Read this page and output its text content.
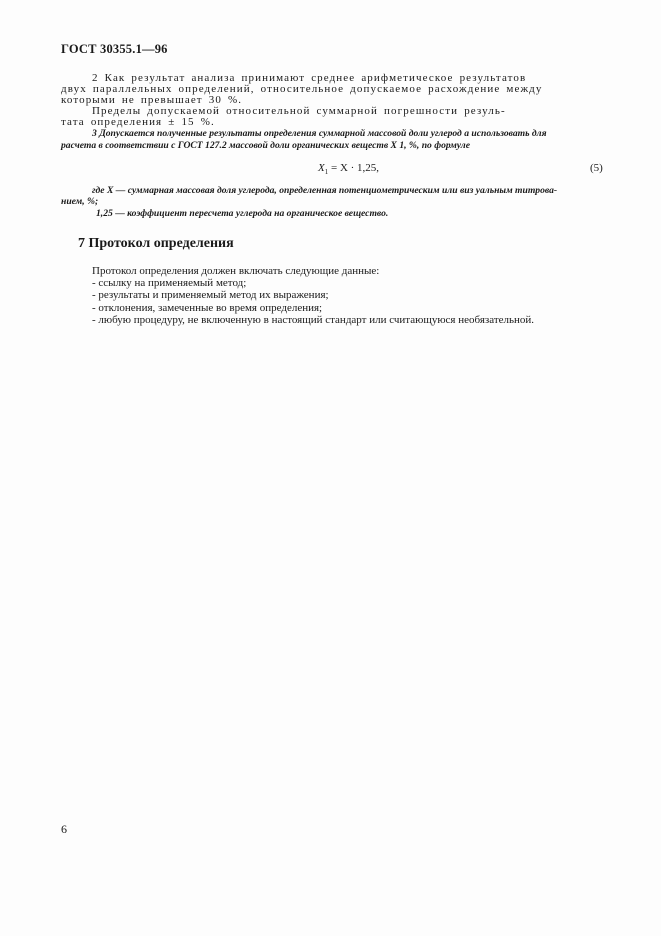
ГОСТ 30355.1—96
2 Как результат анализа принимают среднее арифметическое результатов
двух параллельных определений, относительное допускаемое расхождение между
которыми не превышает 30 %.
Пределы допускаемой относительной суммарной погрешности резуль-
тата определения ± 15 %.
3 Допускается полученные результаты определения суммарной массовой доли углерод а использовать для
расчета в соответствии с ГОСТ 127.2 массовой доли органических веществ X 1, %, по формуле
$X_1 = X \cdot 1,25$,	(5)
где X — суммарная массовая доля углерода, определенная потенциометрическим или виз уальным титрова-
нием, %;
1,25 — коэффициент пересчета углерода на органическое вещество.
7 Протокол определения
Протокол определения должен включать следующие данные:
- ссылку на применяемый метод;
- результаты и применяемый метод их выражения;
- отклонения, замеченные во время определения;
- любую процедуру, не включенную в настоящий стандарт или считающуюся необязательной.
6
